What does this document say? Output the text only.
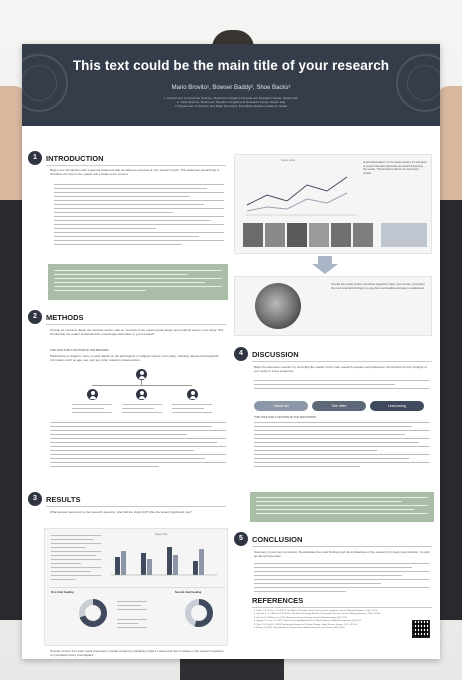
This text could be the main title of your research
Mario Brovito¹, Bowser Baddy², Shoe Backs³
1. Department of Computer Science, Mushroom Kingdom Hospital and Research Center, Nepal, Italy
2. Turtle Science, Mushroom Kingdom Hospital and Research Center, Nepal, Italy
3. Department of Security and Flight Dynamics, Boundless Stadium Academy, Nepal
1	INTRODUCTION
Begin your introduction with a general statement that provides an overview of your research topic. This statement should help to introduce the topic to the reader and provide some context.
2	METHODS
Provide an overview. Begin the methods section with an overview of the experimental design and methods used in your study. This should help the reader understand the overall approach taken in your research.
THIS COULD BE A SECTION OF THE METHODS
Participants or subjects: Next, provide details on the participants or subjects used in your study, including relevant demographic information such as age, sex, and any other relevant characteristics.
3	RESULTS
What answer was found to the research question; what did the study find? Was the tested hypothesis true?
Figure Title
First chart heading	Second chart heading
Provide context: For each result presented, provide context by explaining what it means and how it relates to the research question or hypothesis being investigated.
Figure name
Avoid interpretation: In the results section, it's important to present the data objectively and avoid interpreting the results. That should be left for the discussion section.
Overall, the results section should be organized, clear, and concise, presenting the most important findings in a way that is accessible and easy to understand.
4	DISCUSSION
Begin the discussion section by reminding the reader of the main research question and objectives. Summarize the key findings of your study in a few sentences.
Visual aid	See often	Less boring
THIS COULD BE A SECTION OF THE DISCUSSION
5	CONCLUSION
Summary of your key conclusion. Recapitulate the main findings and the implications of the research for theory and practice. It could go along these lines:
REFERENCES
1. Smith, J. A., & Doe, J. B. (2021). The Effects of Drinking Green Tea on Human Longevity. Journal of Medical Research, 10(1), 22-35.
2. Johnson, L. K. & Brown, M. A. (2020). The Future of Energy: A Look at Renewable Sources. Journal of Energy Research, 15(2), 45-60.
3. Garcia, R. & Williams, S. (2019). Advances in Gene Therapy. Journal of Biotechnology, 8(4), 12-25.
4. Nguyen, H. & Lee, C. (2022). Machine Learning Approaches in Clinical Diagnosis. Applied Computing, 5(3), 80-91.
5. Chen, Y. & Patel, R. (2018). Exploring the Impacts of Climate Change. Global Science Review, 12(1), 101-115.
6. Wilson, D. (2020). The Importance of Open Data in Modern Research. Data Journal, 3(2), 40-52.
